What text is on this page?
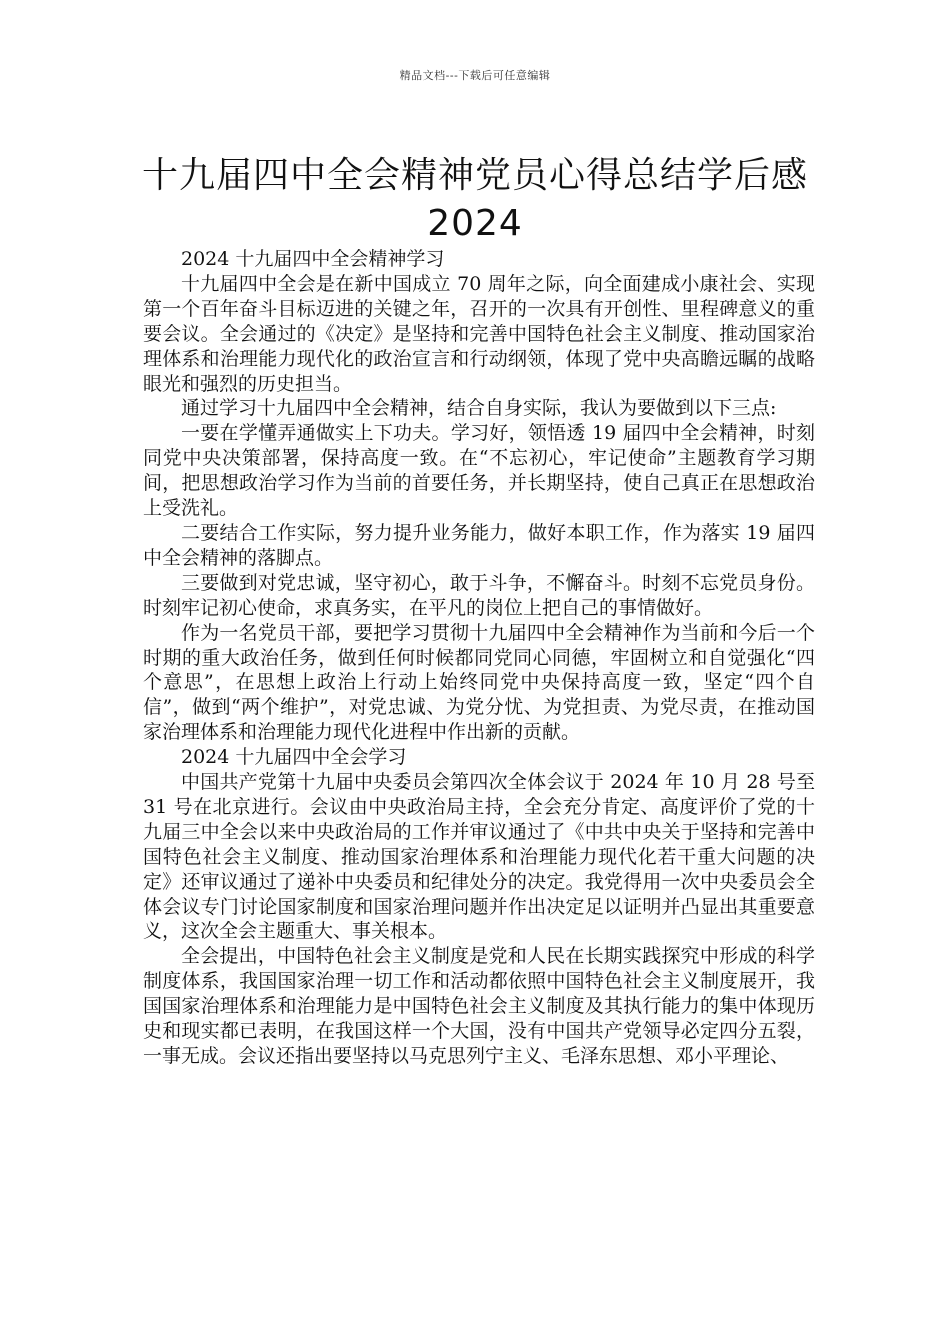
精品文档---下载后可任意编辑
十九届四中全会精神党员心得总结学后感 2024

2024 十九届四中全会精神学习

十九届四中全会是在新中国成立 70 周年之际，向全面建成小康社会、实现第一个百年奋斗目标迈进的关键之年，召开的一次具有开创性、里程碑意义的重要会议。全会通过的《决定》是坚持和完善中国特色社会主义制度、推动国家治理体系和治理能力现代化的政治宣言和行动纲领，体现了党中央高瞻远瞩的战略眼光和强烈的历史担当。

通过学习十九届四中全会精神，结合自身实际，我认为要做到以下三点:

一要在学懂弄通做实上下功夫。学习好，领悟透 19 届四中全会精神，时刻同党中央决策部署，保持高度一致。在“不忘初心，牢记使命”主题教育学习期间，把思想政治学习作为当前的首要任务，并长期坚持，使自己真正在思想政治上受洗礼。

二要结合工作实际，努力提升业务能力，做好本职工作，作为落实 19 届四中全会精神的落脚点。

三要做到对党忠诚，坚守初心，敢于斗争，不懈奋斗。时刻不忘党员身份。时刻牢记初心使命，求真务实，在平凡的岗位上把自己的事情做好。

作为一名党员干部，要把学习贯彻十九届四中全会精神作为当前和今后一个时期的重大政治任务，做到任何时候都同党同心同德，牢固树立和自觉强化“四个意思”，在思想上政治上行动上始终同党中央保持高度一致，坚定“四个自信”，做到“两个维护”，对党忠诚、为党分忧、为党担责、为党尽责，在推动国家治理体系和治理能力现代化进程中作出新的贡献。

2024 十九届四中全会学习

中国共产党第十九届中央委员会第四次全体会议于 2024 年 10 月 28 号至 31 号在北京进行。会议由中央政治局主持，全会充分肯定、高度评价了党的十九届三中全会以来中央政治局的工作并审议通过了《中共中央关于坚持和完善中国特色社会主义制度、推动国家治理体系和治理能力现代化若干重大问题的决定》还审议通过了递补中央委员和纪律处分的决定。我党得用一次中央委员会全体会议专门讨论国家制度和国家治理问题并作出决定足以证明并凸显出其重要意义，这次全会主题重大、事关根本。

全会提出，中国特色社会主义制度是党和人民在长期实践探究中形成的科学制度体系，我国国家治理一切工作和活动都依照中国特色社会主义制度展开，我国国家治理体系和治理能力是中国特色社会主义制度及其执行能力的集中体现历史和现实都已表明，在我国这样一个大国，没有中国共产党领导必定四分五裂，一事无成。会议还指出要坚持以马克思列宁主义、毛泽东思想、邓小平理论、
